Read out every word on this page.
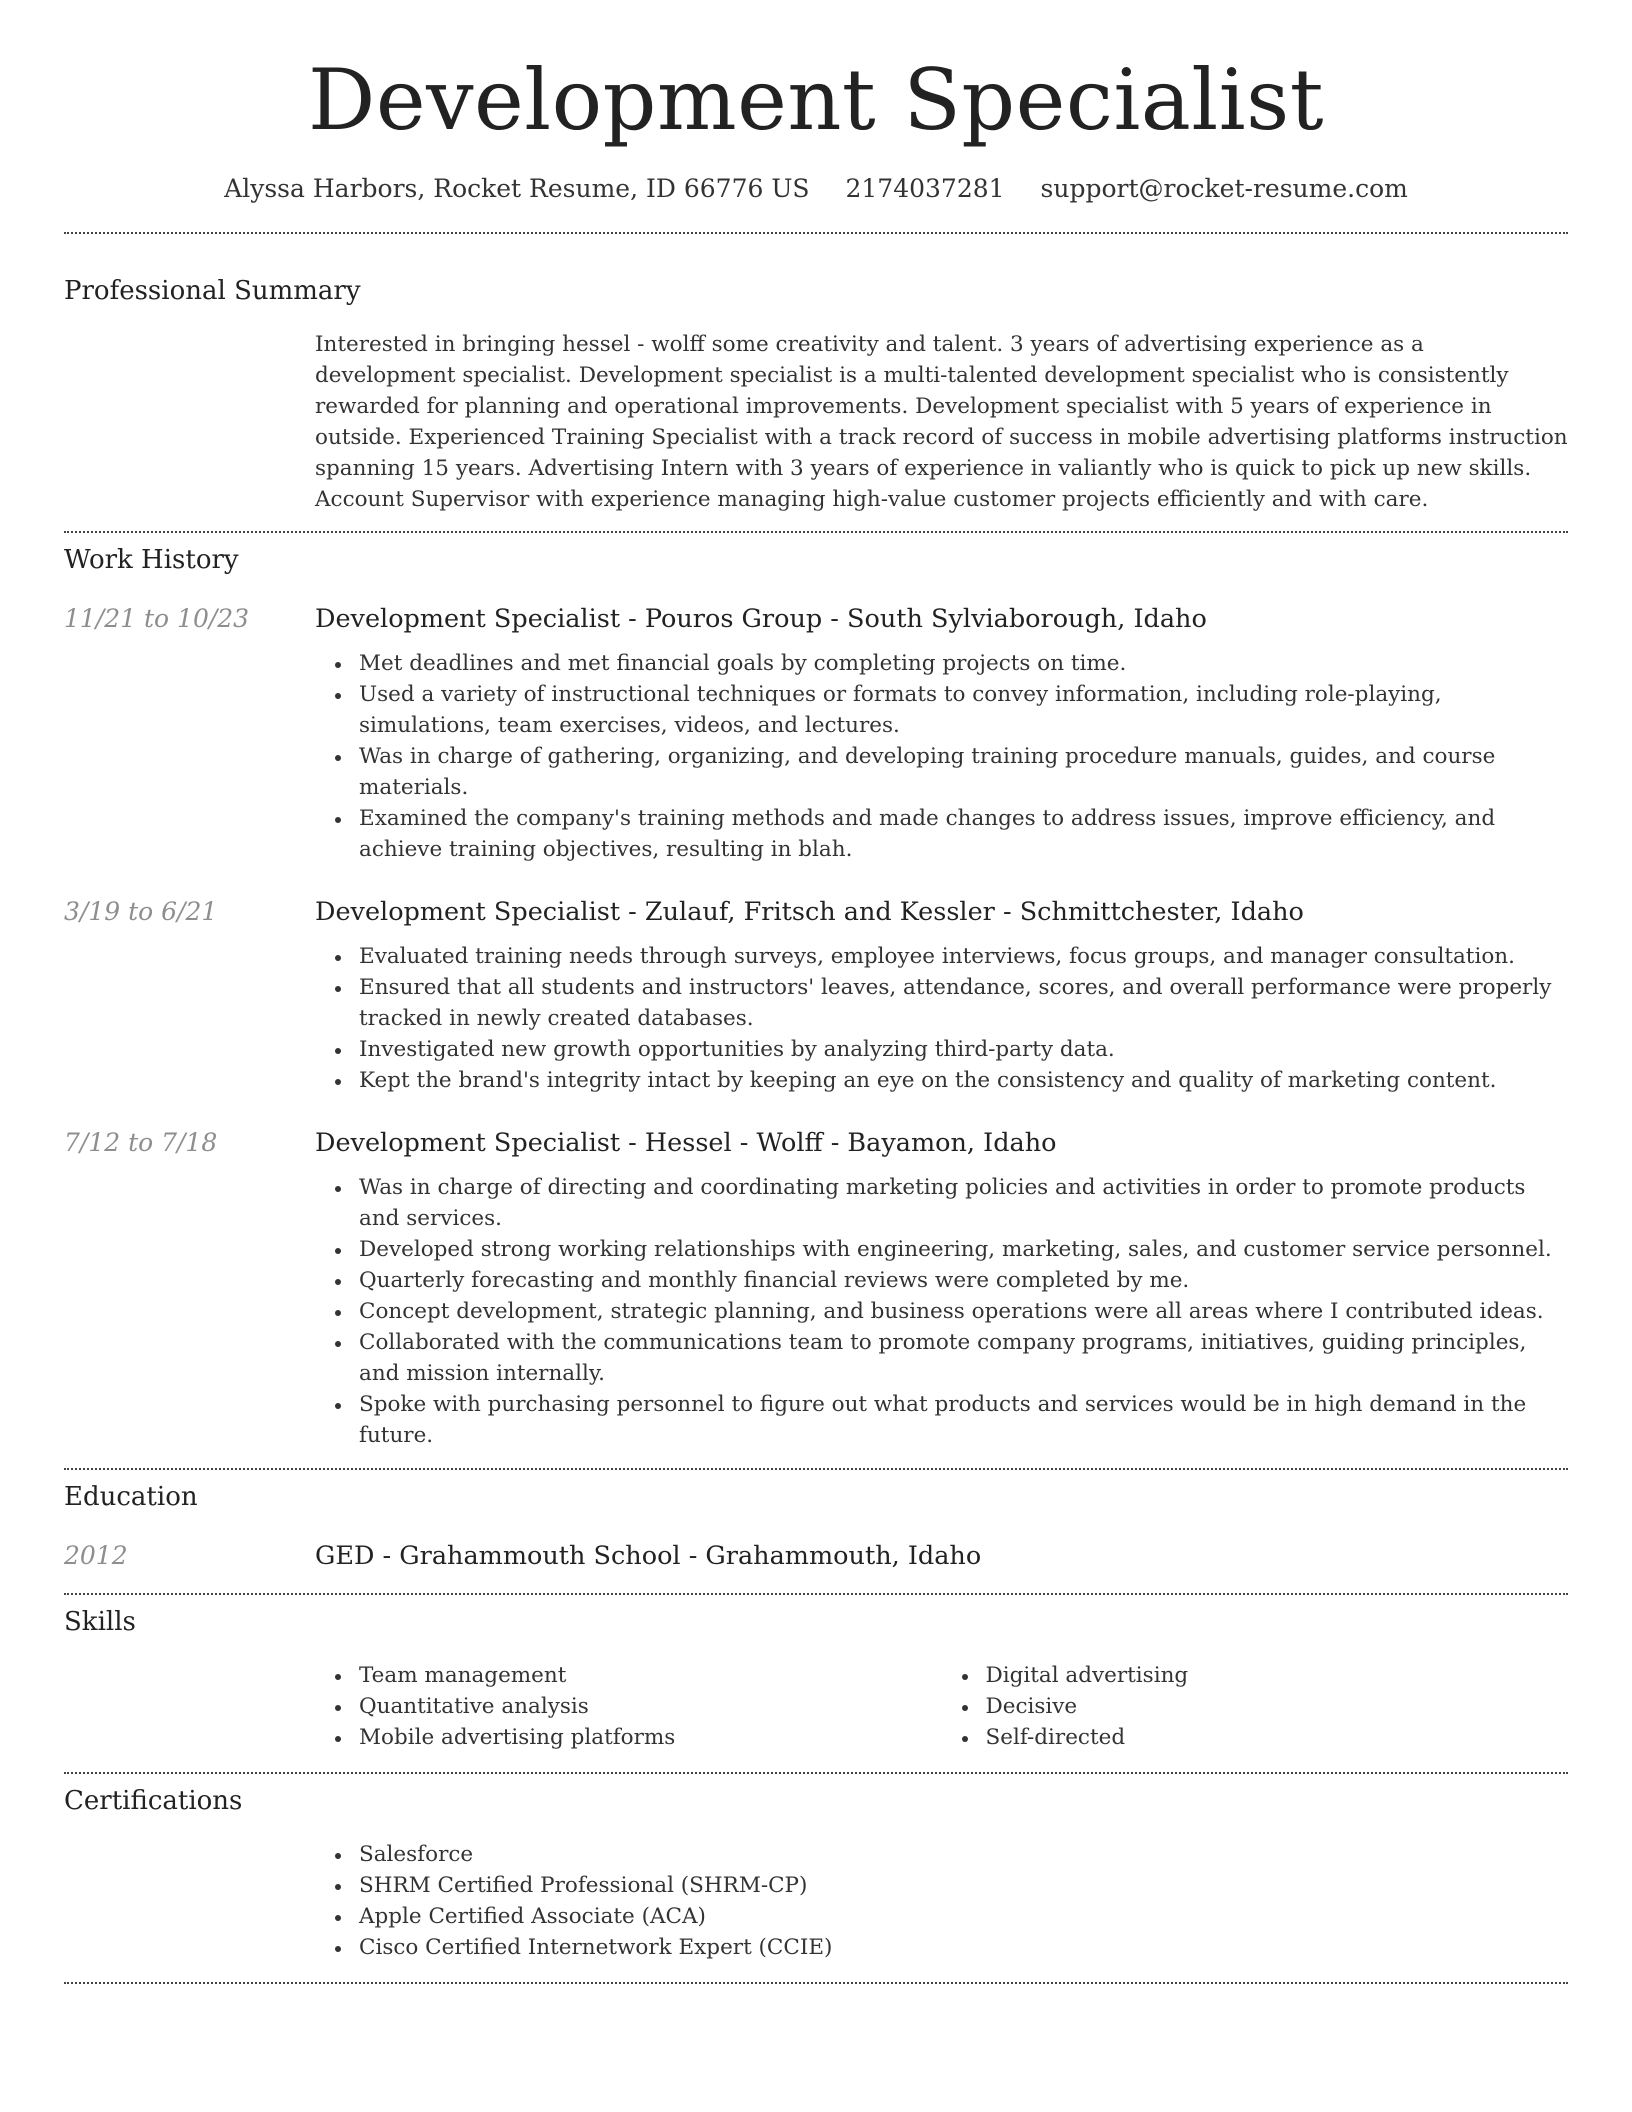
Development Specialist
Alyssa Harbors, Rocket Resume, ID 66776 US 2174037281 support@rocket-resume.com
Professional Summary

Interested in bringing hessel - wolff some creativity and talent. 3 years of advertising experience as a development specialist. Development specialist is a multi-talented development specialist who is consistently rewarded for planning and operational improvements. Development specialist with 5 years of experience in outside. Experienced Training Specialist with a track record of success in mobile advertising platforms instruction spanning 15 years. Advertising Intern with 3 years of experience in valiantly who is quick to pick up new skills. Account Supervisor with experience managing high-value customer projects efficiently and with care.

Work History
11/21 to 10/23	Development Specialist - Pouros Group - South Sylviaborough, Idaho
Met deadlines and met financial goals by completing projects on time.
Used a variety of instructional techniques or formats to convey information, including role-playing, simulations, team exercises, videos, and lectures.
Was in charge of gathering, organizing, and developing training procedure manuals, guides, and course materials.
Examined the company's training methods and made changes to address issues, improve efficiency, and achieve training objectives, resulting in blah.
3/19 to 6/21	Development Specialist - Zulauf, Fritsch and Kessler - Schmittchester, Idaho
Evaluated training needs through surveys, employee interviews, focus groups, and manager consultation.
Ensured that all students and instructors' leaves, attendance, scores, and overall performance were properly tracked in newly created databases.
Investigated new growth opportunities by analyzing third-party data.
Kept the brand's integrity intact by keeping an eye on the consistency and quality of marketing content.
7/12 to 7/18	Development Specialist - Hessel - Wolff - Bayamon, Idaho
Was in charge of directing and coordinating marketing policies and activities in order to promote products and services.
Developed strong working relationships with engineering, marketing, sales, and customer service personnel.
Quarterly forecasting and monthly financial reviews were completed by me.
Concept development, strategic planning, and business operations were all areas where I contributed ideas.
Collaborated with the communications team to promote company programs, initiatives, guiding principles, and mission internally.
Spoke with purchasing personnel to figure out what products and services would be in high demand in the future.
Education
2012	GED - Grahammouth School - Grahammouth, Idaho
Skills
Team management
Quantitative analysis
Mobile advertising platforms
Digital advertising
Decisive
Self-directed
Certifications
Salesforce
SHRM Certified Professional (SHRM-CP)
Apple Certified Associate (ACA)
Cisco Certified Internetwork Expert (CCIE)
